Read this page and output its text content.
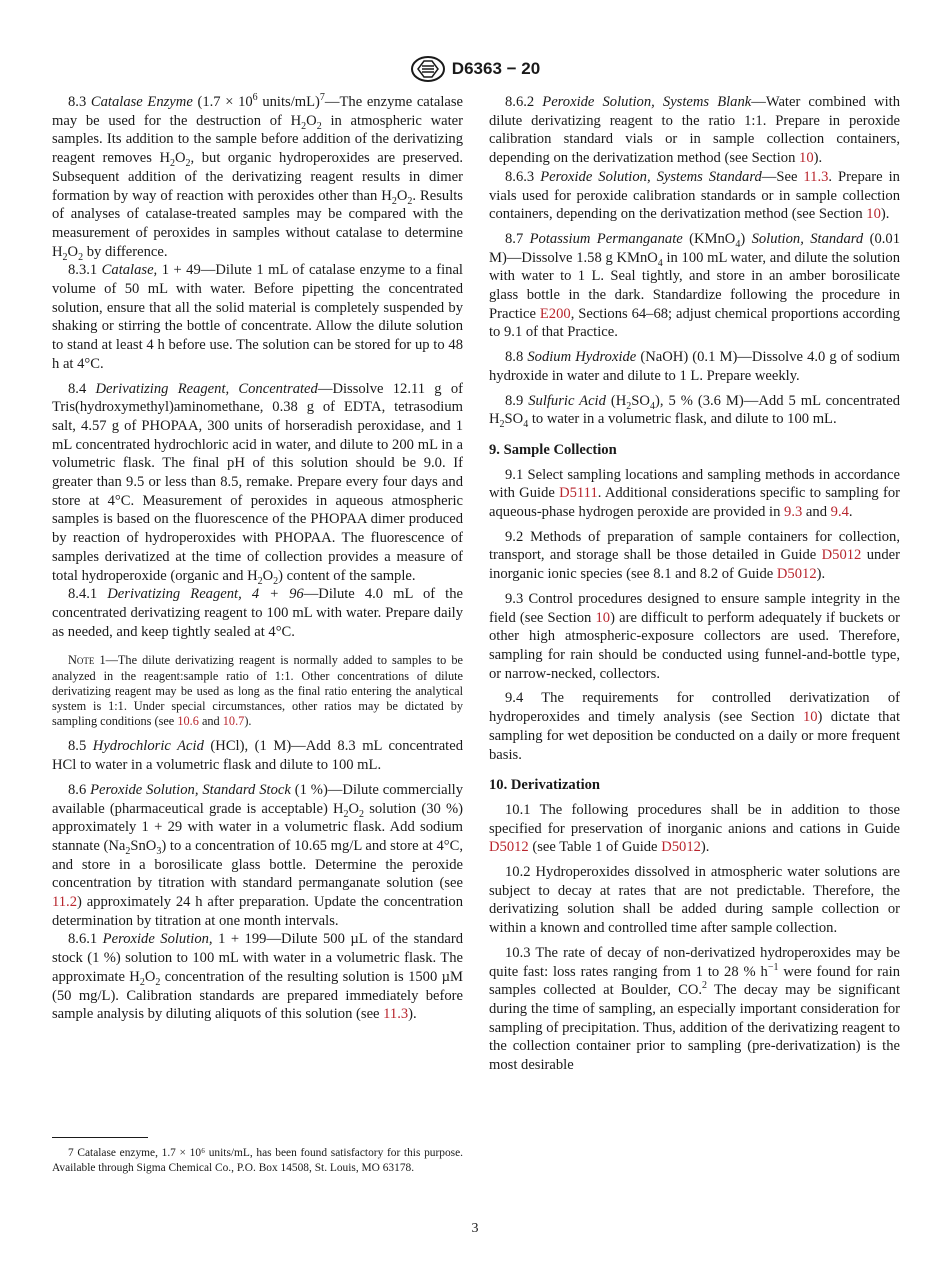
D6363 − 20

8.3 Catalase Enzyme ($1.7 \times 10^6$ units/mL)$^7$—The enzyme catalase may be used for the destruction of $H_2O_2$ in atmospheric water samples. Its addition to the sample before addition of the derivatizing reagent removes $H_2O_2$, but organic hydroperoxides are preserved. Subsequent addition of the derivatizing reagent results in dimer formation by way of reaction with peroxides other than $H_2O_2$. Results of analyses of catalase-treated samples may be compared with the measurement of peroxides in samples without catalase to determine $H_2O_2$ by difference.

8.3.1 Catalase, 1 + 49—Dilute 1 mL of catalase enzyme to a final volume of 50 mL with water. Before pipetting the concentrated solution, ensure that all the solid material is completely suspended by shaking or stirring the bottle of concentrate. Allow the dilute solution to stand at least 4 h before use. The solution can be stored for up to 48 h at 4°C.

8.4 Derivatizing Reagent, Concentrated—Dissolve 12.11 g of Tris(hydroxymethyl)aminomethane, 0.38 g of EDTA, tetrasodium salt, 4.57 g of PHOPAA, 300 units of horseradish peroxidase, and 1 mL concentrated hydrochloric acid in water, and dilute to 200 mL in a volumetric flask. The final pH of this solution should be 9.0. If greater than 9.5 or less than 8.5, remake. Prepare every four days and store at 4°C. Measurement of peroxides in aqueous atmospheric samples is based on the fluorescence of the PHOPAA dimer produced by reaction of hydroperoxides with PHOPAA. The fluorescence of samples derivatized at the time of collection provides a measure of total hydroperoxide (organic and $H_2O_2$) content of the sample.

8.4.1 Derivatizing Reagent, 4 + 96—Dilute 4.0 mL of the concentrated derivatizing reagent to 100 mL with water. Prepare daily as needed, and keep tightly sealed at 4°C.

Note 1—The dilute derivatizing reagent is normally added to samples to be analyzed in the reagent:sample ratio of 1:1. Other concentrations of dilute derivatizing reagent may be used as long as the final ratio entering the analytical system is 1:1. Under special circumstances, other ratios may be dictated by sampling conditions (see 10.6 and 10.7).

8.5 Hydrochloric Acid (HCl), (1 M)—Add 8.3 mL concentrated HCl to water in a volumetric flask and dilute to 100 mL.

8.6 Peroxide Solution, Standard Stock (1 %)—Dilute commercially available (pharmaceutical grade is acceptable) $H_2O_2$ solution (30 %) approximately 1 + 29 with water in a volumetric flask. Add sodium stannate $(Na_2SnO_3)$ to a concentration of 10.65 mg/L and store at 4°C, and store in a borosilicate glass bottle. Determine the peroxide concentration by titration with standard permanganate solution (see 11.2) approximately 24 h after preparation. Update the concentration determination by titration at one month intervals.

8.6.1 Peroxide Solution, 1 + 199—Dilute 500 µL of the standard stock (1 %) solution to 100 mL with water in a volumetric flask. The approximate $H_2O_2$ concentration of the resulting solution is 1500 µM (50 mg/L). Calibration standards are prepared immediately before sample analysis by diluting aliquots of this solution (see 11.3).

7 Catalase enzyme, 1.7 × 10⁶ units/mL, has been found satisfactory for this purpose. Available through Sigma Chemical Co., P.O. Box 14508, St. Louis, MO 63178.

8.6.2 Peroxide Solution, Systems Blank—Water combined with dilute derivatizing reagent to the ratio 1:1. Prepare in peroxide calibration standard vials or in sample collection containers, depending on the derivatization method (see Section 10).

8.6.3 Peroxide Solution, Systems Standard—See 11.3. Prepare in vials used for peroxide calibration standards or in sample collection containers, depending on the derivatization method (see Section 10).

8.7 Potassium Permanganate (KMnO$_4$) Solution, Standard (0.01 M)—Dissolve 1.58 g KMnO$_4$ in 100 mL water, and dilute the solution with water to 1 L. Seal tightly, and store in an amber borosilicate glass bottle in the dark. Standardize following the procedure in Practice E200, Sections 64–68; adjust chemical proportions according to 9.1 of that Practice.

8.8 Sodium Hydroxide (NaOH) (0.1 M)—Dissolve 4.0 g of sodium hydroxide in water and dilute to 1 L. Prepare weekly.

8.9 Sulfuric Acid $(H_2SO_4)$, 5 % (3.6 M)—Add 5 mL concentrated $H_2SO_4$ to water in a volumetric flask, and dilute to 100 mL.

9. Sample Collection

9.1 Select sampling locations and sampling methods in accordance with Guide D5111. Additional considerations specific to sampling for aqueous-phase hydrogen peroxide are provided in 9.3 and 9.4.

9.2 Methods of preparation of sample containers for collection, transport, and storage shall be those detailed in Guide D5012 under inorganic ionic species (see 8.1 and 8.2 of Guide D5012).

9.3 Control procedures designed to ensure sample integrity in the field (see Section 10) are difficult to perform adequately if buckets or other high atmospheric-exposure collectors are used. Therefore, sampling for rain should be conducted using funnel-and-bottle type, or narrow-necked, collectors.

9.4 The requirements for controlled derivatization of hydroperoxides and timely analysis (see Section 10) dictate that sampling for wet deposition be conducted on a daily or more frequent basis.

10. Derivatization

10.1 The following procedures shall be in addition to those specified for preservation of inorganic anions and cations in Guide D5012 (see Table 1 of Guide D5012).

10.2 Hydroperoxides dissolved in atmospheric water solutions are subject to decay at rates that are not predictable. Therefore, the derivatizing solution shall be added during sample collection or within a known and controlled time after sample collection.

10.3 The rate of decay of non-derivatized hydroperoxides may be quite fast: loss rates ranging from 1 to 28 % $h^{-1}$ were found for rain samples collected at Boulder, CO.$^2$ The decay may be significant during the time of sampling, an especially important consideration for sampling of precipitation. Thus, addition of the derivatizing reagent to the collection container prior to sampling (pre-derivatization) is the most desirable

3
